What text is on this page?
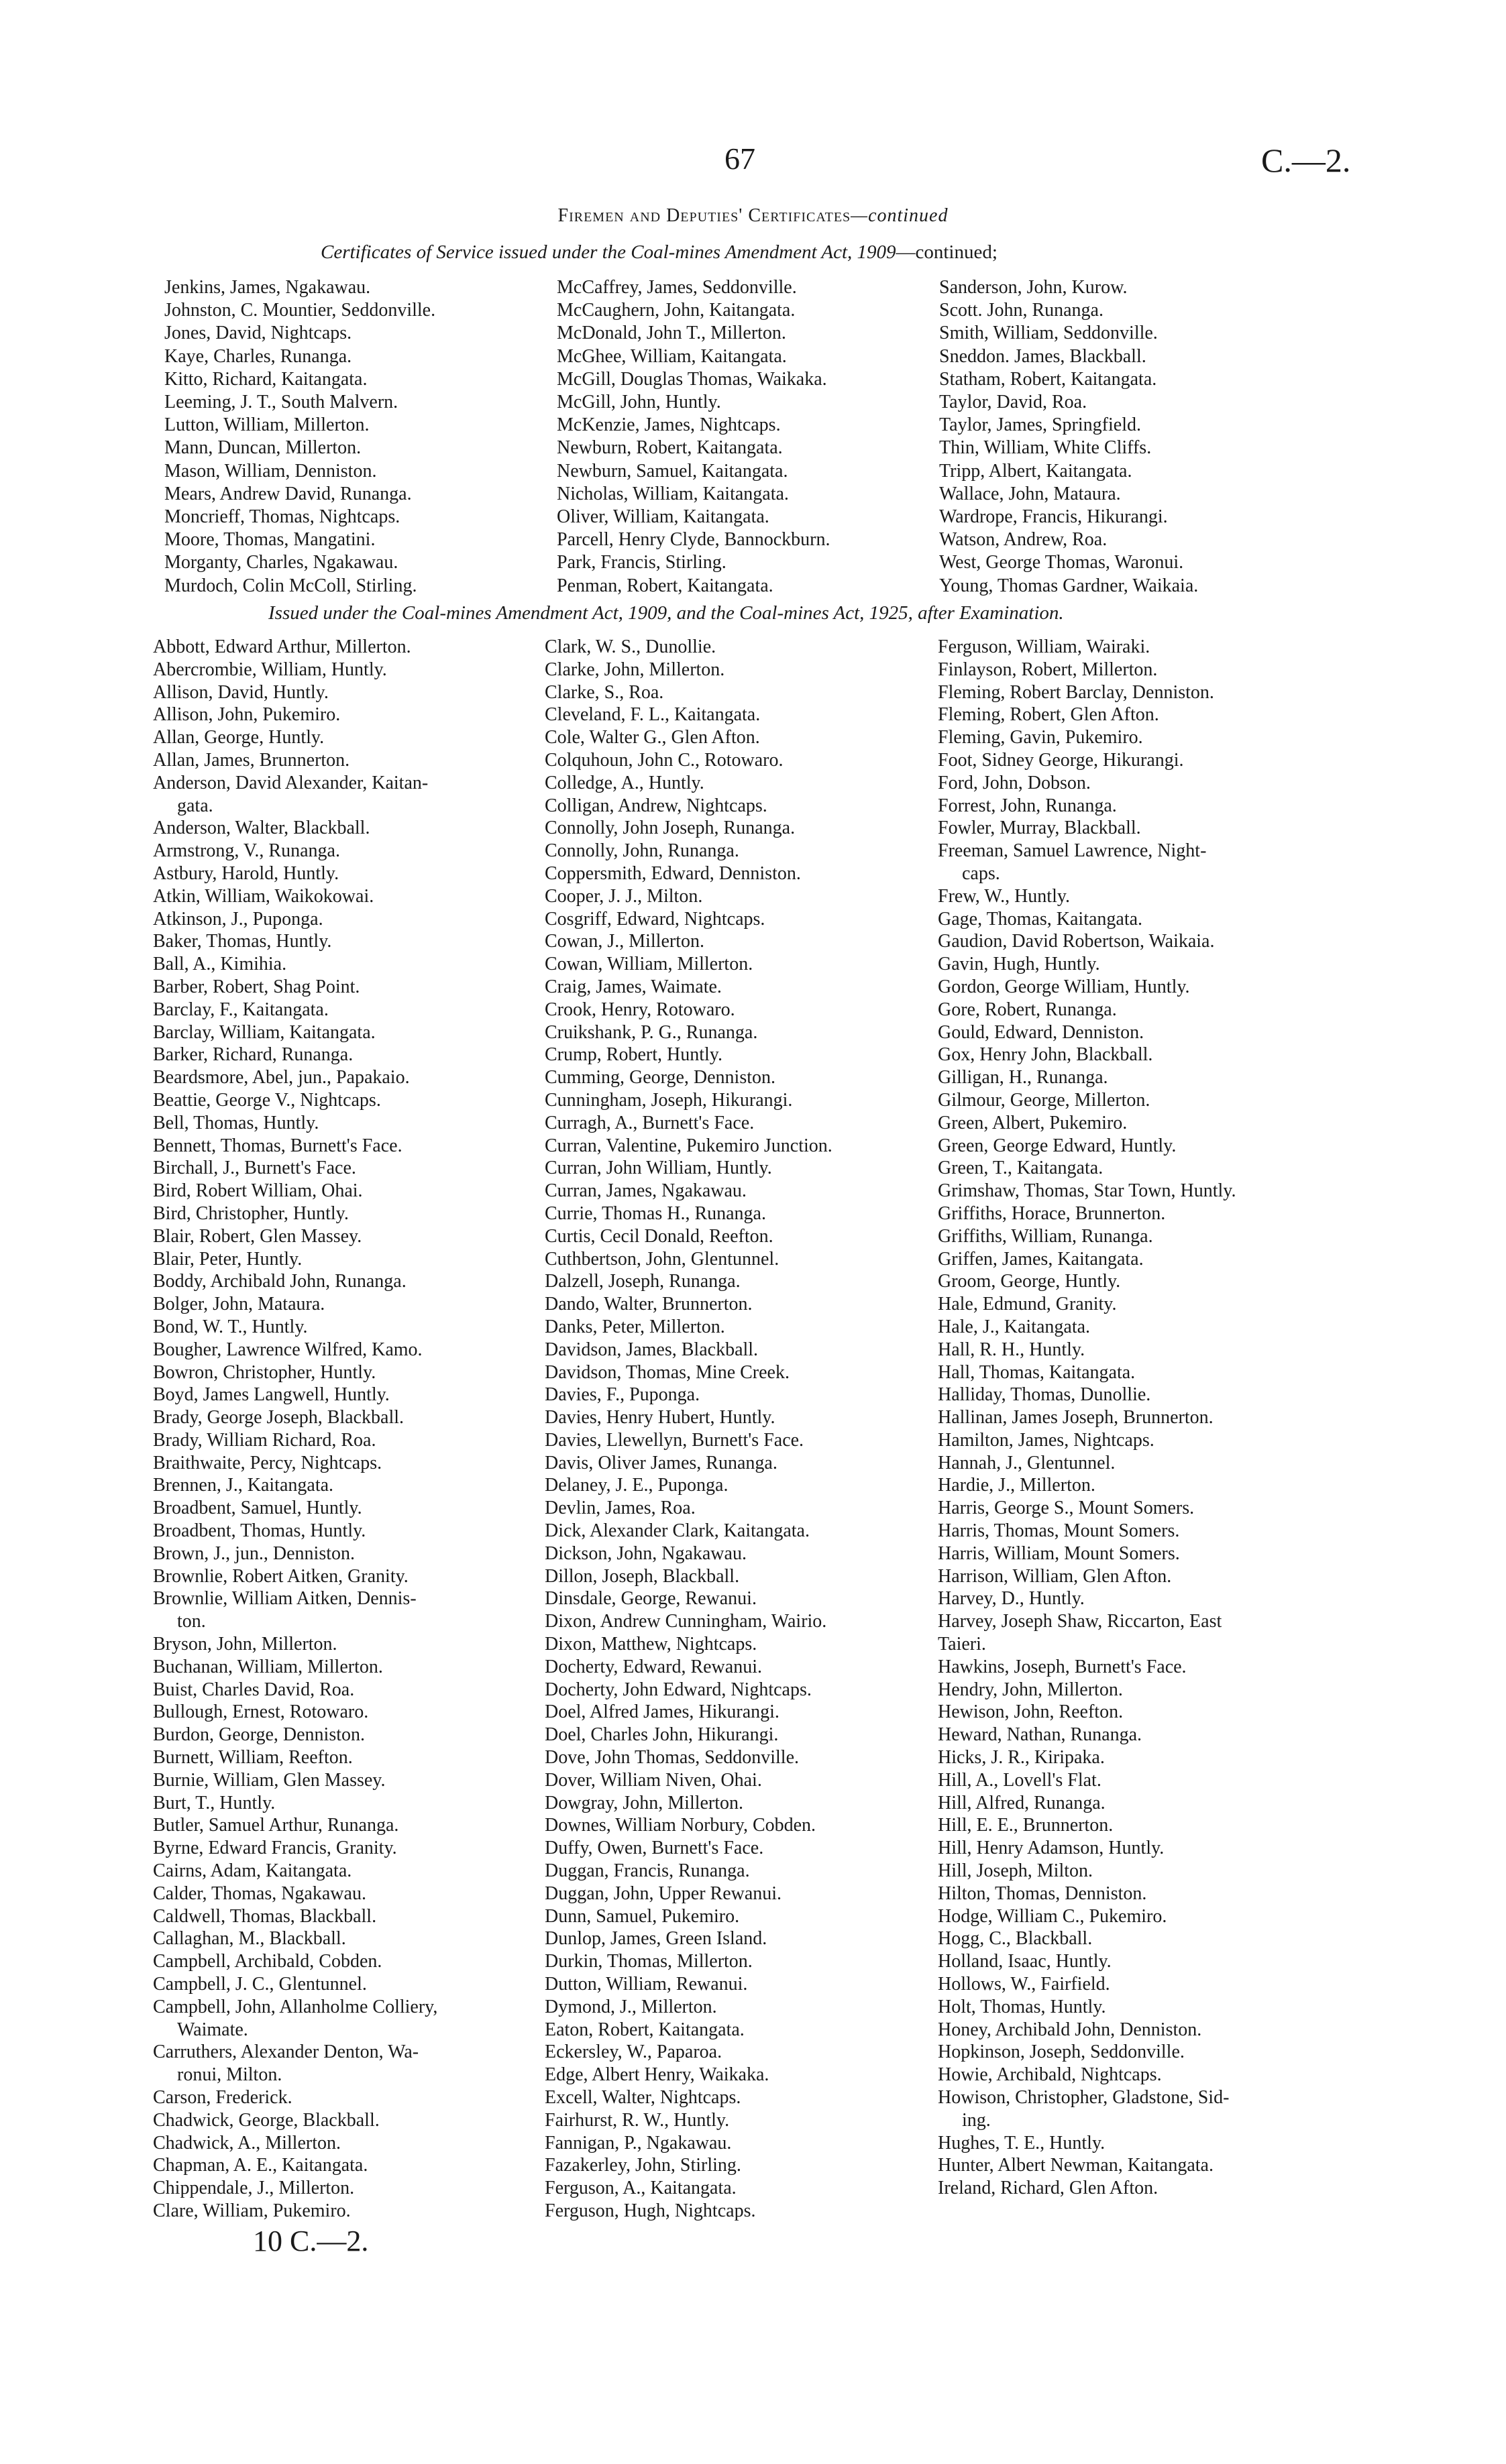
67	C.—2.
Firemen and Deputies' Certificates—continued
Certificates of Service issued under the Coal-mines Amendment Act, 1909—continued;
Jenkins, James, Ngakawau.
Johnston, C. Mountier, Seddonville.
Jones, David, Nightcaps.
Kaye, Charles, Runanga.
Kitto, Richard, Kaitangata.
Leeming, J. T., South Malvern.
Lutton, William, Millerton.
Mann, Duncan, Millerton.
Mason, William, Denniston.
Mears, Andrew David, Runanga.
Moncrieff, Thomas, Nightcaps.
Moore, Thomas, Mangatini.
Morganty, Charles, Ngakawau.
Murdoch, Colin McColl, Stirling.
McCaffrey, James, Seddonville.
McCaughern, John, Kaitangata.
McDonald, John T., Millerton.
McGhee, William, Kaitangata.
McGill, Douglas Thomas, Waikaka.
McGill, John, Huntly.
McKenzie, James, Nightcaps.
Newburn, Robert, Kaitangata.
Newburn, Samuel, Kaitangata.
Nicholas, William, Kaitangata.
Oliver, William, Kaitangata.
Parcell, Henry Clyde, Bannockburn.
Park, Francis, Stirling.
Penman, Robert, Kaitangata.
Sanderson, John, Kurow.
Scott. John, Runanga.
Smith, William, Seddonville.
Sneddon. James, Blackball.
Statham, Robert, Kaitangata.
Taylor, David, Roa.
Taylor, James, Springfield.
Thin, William, White Cliffs.
Tripp, Albert, Kaitangata.
Wallace, John, Mataura.
Wardrope, Francis, Hikurangi.
Watson, Andrew, Roa.
West, George Thomas, Waronui.
Young, Thomas Gardner, Waikaia.
Issued under the Coal-mines Amendment Act, 1909, and the Coal-mines Act, 1925, after Examination.
Abbott, Edward Arthur, Millerton.
Abercrombie, William, Huntly.
Allison, David, Huntly.
Allison, John, Pukemiro.
Allan, George, Huntly.
Allan, James, Brunnerton.
Anderson, David Alexander, Kaitan-
gata.
Anderson, Walter, Blackball.
Armstrong, V., Runanga.
Astbury, Harold, Huntly.
Atkin, William, Waikokowai.
Atkinson, J., Puponga.
Baker, Thomas, Huntly.
Ball, A., Kimihia.
Barber, Robert, Shag Point.
Barclay, F., Kaitangata.
Barclay, William, Kaitangata.
Barker, Richard, Runanga.
Beardsmore, Abel, jun., Papakaio.
Beattie, George V., Nightcaps.
Bell, Thomas, Huntly.
Bennett, Thomas, Burnett's Face.
Birchall, J., Burnett's Face.
Bird, Robert William, Ohai.
Bird, Christopher, Huntly.
Blair, Robert, Glen Massey.
Blair, Peter, Huntly.
Boddy, Archibald John, Runanga.
Bolger, John, Mataura.
Bond, W. T., Huntly.
Bougher, Lawrence Wilfred, Kamo.
Bowron, Christopher, Huntly.
Boyd, James Langwell, Huntly.
Brady, George Joseph, Blackball.
Brady, William Richard, Roa.
Braithwaite, Percy, Nightcaps.
Brennen, J., Kaitangata.
Broadbent, Samuel, Huntly.
Broadbent, Thomas, Huntly.
Brown, J., jun., Denniston.
Brownlie, Robert Aitken, Granity.
Brownlie, William Aitken, Dennis-
ton.
Bryson, John, Millerton.
Buchanan, William, Millerton.
Buist, Charles David, Roa.
Bullough, Ernest, Rotowaro.
Burdon, George, Denniston.
Burnett, William, Reefton.
Burnie, William, Glen Massey.
Burt, T., Huntly.
Butler, Samuel Arthur, Runanga.
Byrne, Edward Francis, Granity.
Cairns, Adam, Kaitangata.
Calder, Thomas, Ngakawau.
Caldwell, Thomas, Blackball.
Callaghan, M., Blackball.
Campbell, Archibald, Cobden.
Campbell, J. C., Glentunnel.
Campbell, John, Allanholme Colliery,
Waimate.
Carruthers, Alexander Denton, Wa-
ronui, Milton.
Carson, Frederick.
Chadwick, George, Blackball.
Chadwick, A., Millerton.
Chapman, A. E., Kaitangata.
Chippendale, J., Millerton.
Clare, William, Pukemiro.
Clark, W. S., Dunollie.
Clarke, John, Millerton.
Clarke, S., Roa.
Cleveland, F. L., Kaitangata.
Cole, Walter G., Glen Afton.
Colquhoun, John C., Rotowaro.
Colledge, A., Huntly.
Colligan, Andrew, Nightcaps.
Connolly, John Joseph, Runanga.
Connolly, John, Runanga.
Coppersmith, Edward, Denniston.
Cooper, J. J., Milton.
Cosgriff, Edward, Nightcaps.
Cowan, J., Millerton.
Cowan, William, Millerton.
Craig, James, Waimate.
Crook, Henry, Rotowaro.
Cruikshank, P. G., Runanga.
Crump, Robert, Huntly.
Cumming, George, Denniston.
Cunningham, Joseph, Hikurangi.
Curragh, A., Burnett's Face.
Curran, Valentine, Pukemiro Junction.
Curran, John William, Huntly.
Curran, James, Ngakawau.
Currie, Thomas H., Runanga.
Curtis, Cecil Donald, Reefton.
Cuthbertson, John, Glentunnel.
Dalzell, Joseph, Runanga.
Dando, Walter, Brunnerton.
Danks, Peter, Millerton.
Davidson, James, Blackball.
Davidson, Thomas, Mine Creek.
Davies, F., Puponga.
Davies, Henry Hubert, Huntly.
Davies, Llewellyn, Burnett's Face.
Davis, Oliver James, Runanga.
Delaney, J. E., Puponga.
Devlin, James, Roa.
Dick, Alexander Clark, Kaitangata.
Dickson, John, Ngakawau.
Dillon, Joseph, Blackball.
Dinsdale, George, Rewanui.
Dixon, Andrew Cunningham, Wairio.
Dixon, Matthew, Nightcaps.
Docherty, Edward, Rewanui.
Docherty, John Edward, Nightcaps.
Doel, Alfred James, Hikurangi.
Doel, Charles John, Hikurangi.
Dove, John Thomas, Seddonville.
Dover, William Niven, Ohai.
Dowgray, John, Millerton.
Downes, William Norbury, Cobden.
Duffy, Owen, Burnett's Face.
Duggan, Francis, Runanga.
Duggan, John, Upper Rewanui.
Dunn, Samuel, Pukemiro.
Dunlop, James, Green Island.
Durkin, Thomas, Millerton.
Dutton, William, Rewanui.
Dymond, J., Millerton.
Eaton, Robert, Kaitangata.
Eckersley, W., Paparoa.
Edge, Albert Henry, Waikaka.
Excell, Walter, Nightcaps.
Fairhurst, R. W., Huntly.
Fannigan, P., Ngakawau.
Fazakerley, John, Stirling.
Ferguson, A., Kaitangata.
Ferguson, Hugh, Nightcaps.
Ferguson, William, Wairaki.
Finlayson, Robert, Millerton.
Fleming, Robert Barclay, Denniston.
Fleming, Robert, Glen Afton.
Fleming, Gavin, Pukemiro.
Foot, Sidney George, Hikurangi.
Ford, John, Dobson.
Forrest, John, Runanga.
Fowler, Murray, Blackball.
Freeman, Samuel Lawrence, Night-
caps.
Frew, W., Huntly.
Gage, Thomas, Kaitangata.
Gaudion, David Robertson, Waikaia.
Gavin, Hugh, Huntly.
Gordon, George William, Huntly.
Gore, Robert, Runanga.
Gould, Edward, Denniston.
Gox, Henry John, Blackball.
Gilligan, H., Runanga.
Gilmour, George, Millerton.
Green, Albert, Pukemiro.
Green, George Edward, Huntly.
Green, T., Kaitangata.
Grimshaw, Thomas, Star Town, Huntly.
Griffiths, Horace, Brunnerton.
Griffiths, William, Runanga.
Griffen, James, Kaitangata.
Groom, George, Huntly.
Hale, Edmund, Granity.
Hale, J., Kaitangata.
Hall, R. H., Huntly.
Hall, Thomas, Kaitangata.
Halliday, Thomas, Dunollie.
Hallinan, James Joseph, Brunnerton.
Hamilton, James, Nightcaps.
Hannah, J., Glentunnel.
Hardie, J., Millerton.
Harris, George S., Mount Somers.
Harris, Thomas, Mount Somers.
Harris, William, Mount Somers.
Harrison, William, Glen Afton.
Harvey, D., Huntly.
Harvey, Joseph Shaw, Riccarton, East
Taieri.
Hawkins, Joseph, Burnett's Face.
Hendry, John, Millerton.
Hewison, John, Reefton.
Heward, Nathan, Runanga.
Hicks, J. R., Kiripaka.
Hill, A., Lovell's Flat.
Hill, Alfred, Runanga.
Hill, E. E., Brunnerton.
Hill, Henry Adamson, Huntly.
Hill, Joseph, Milton.
Hilton, Thomas, Denniston.
Hodge, William C., Pukemiro.
Hogg, C., Blackball.
Holland, Isaac, Huntly.
Hollows, W., Fairfield.
Holt, Thomas, Huntly.
Honey, Archibald John, Denniston.
Hopkinson, Joseph, Seddonville.
Howie, Archibald, Nightcaps.
Howison, Christopher, Gladstone, Sid-
ing.
Hughes, T. E., Huntly.
Hunter, Albert Newman, Kaitangata.
Ireland, Richard, Glen Afton.
10 C.—2.
